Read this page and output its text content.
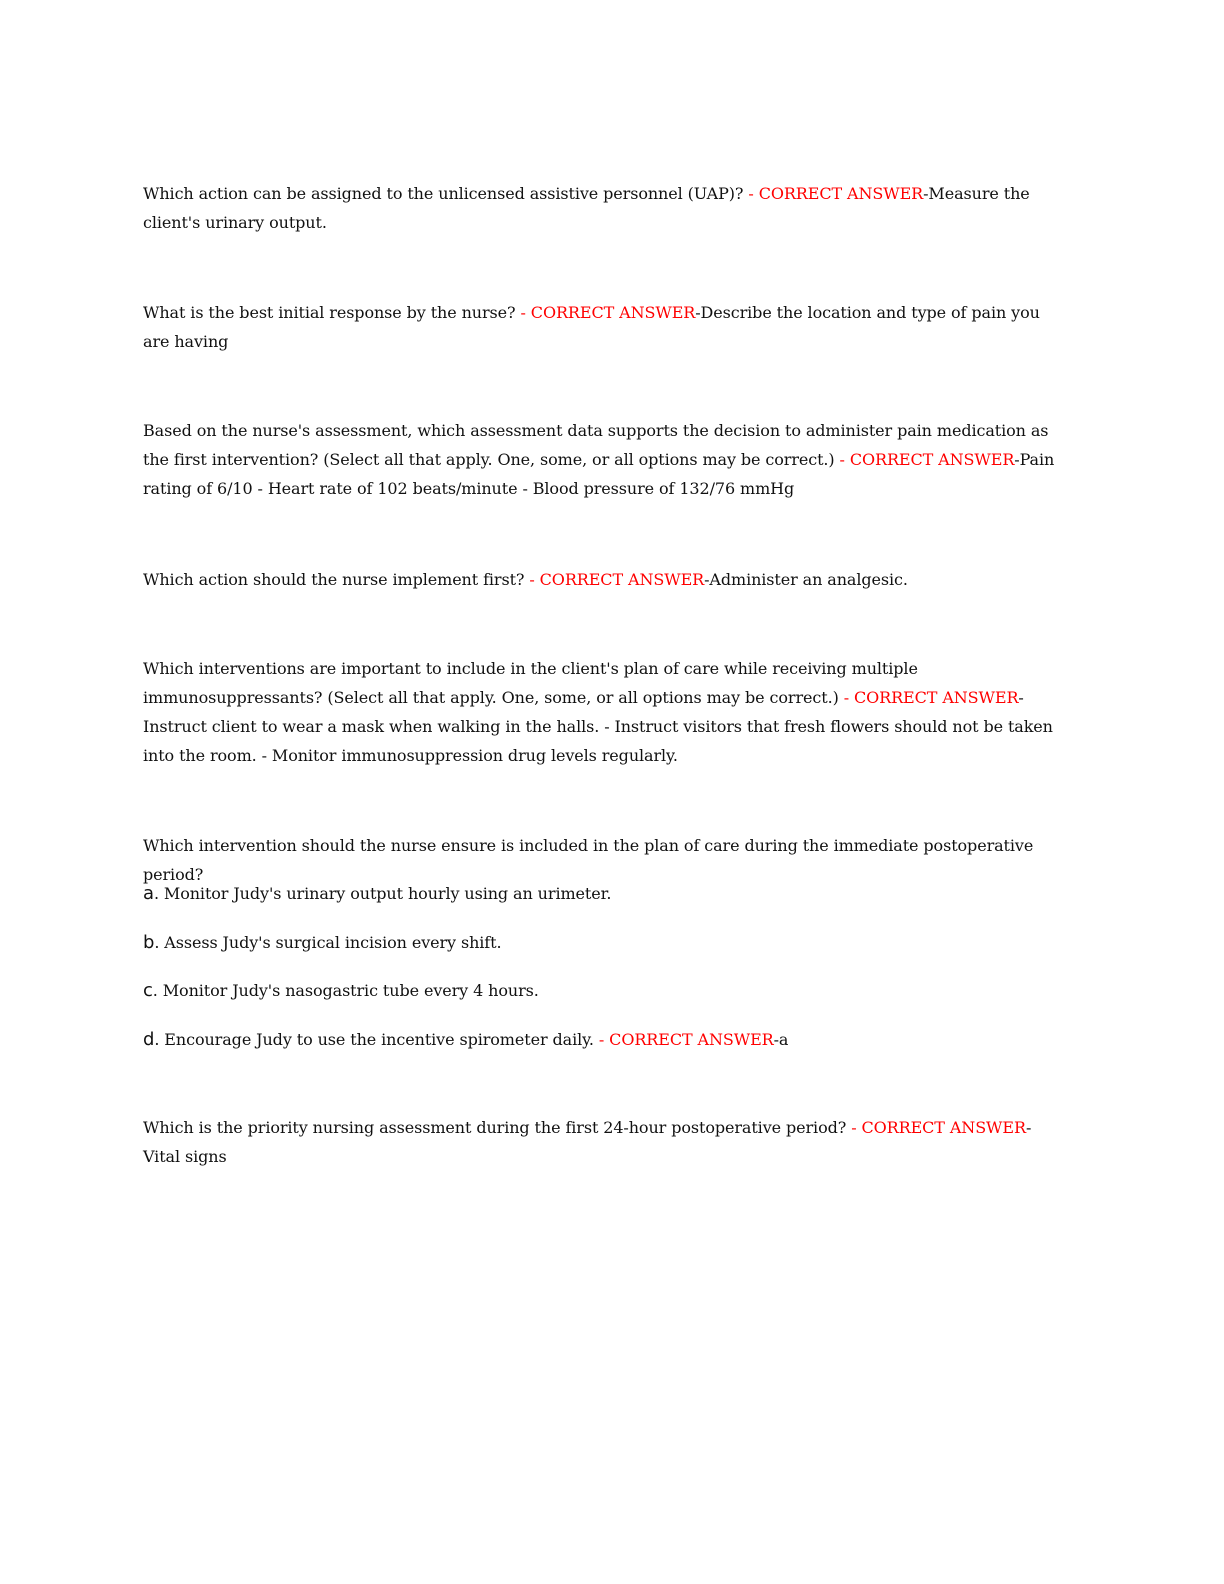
Which action can be assigned to the unlicensed assistive personnel (UAP)? - CORRECT ANSWER-Measure the client's urinary output.
What is the best initial response by the nurse? - CORRECT ANSWER-Describe the location and type of pain you are having
Based on the nurse's assessment, which assessment data supports the decision to administer pain medication as the first intervention? (Select all that apply. One, some, or all options may be correct.) - CORRECT ANSWER-Pain rating of 6/10 - Heart rate of 102 beats/minute - Blood pressure of 132/76 mmHg
Which action should the nurse implement first? - CORRECT ANSWER-Administer an analgesic.
Which interventions are important to include in the client's plan of care while receiving multiple immunosuppressants? (Select all that apply. One, some, or all options may be correct.) - CORRECT ANSWER-Instruct client to wear a mask when walking in the halls. - Instruct visitors that fresh flowers should not be taken into the room. - Monitor immunosuppression drug levels regularly.
Which intervention should the nurse ensure is included in the plan of care during the immediate postoperative period?
a. Monitor Judy's urinary output hourly using an urimeter.
b. Assess Judy's surgical incision every shift.
c. Monitor Judy's nasogastric tube every 4 hours.
d. Encourage Judy to use the incentive spirometer daily. - CORRECT ANSWER-a
Which is the priority nursing assessment during the first 24-hour postoperative period? - CORRECT ANSWER- Vital signs
